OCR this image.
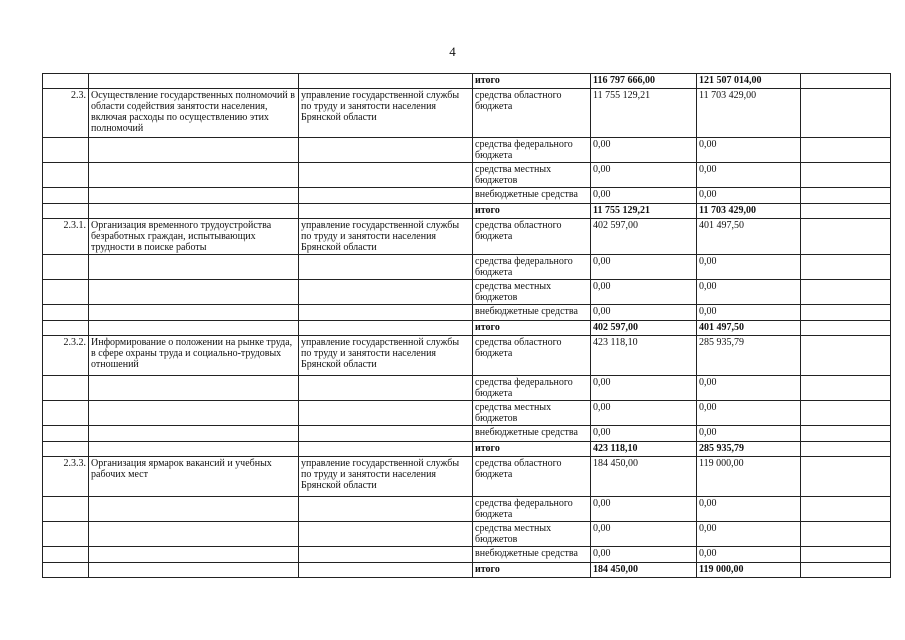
4
			итого	116 797 666,00	121 507 014,00	
2.3.	Осуществление государственных полномочий в области содействия занятости населения, включая расходы по осуществлению этих полномочий	управление государственной службы по труду и занятости населения Брянской области	средства областного бюджета	11 755 129,21	11 703 429,00	
			средства федерального бюджета	0,00	0,00	
			средства местных бюджетов	0,00	0,00	
			внебюджетные средства	0,00	0,00	
			итого	11 755 129,21	11 703 429,00	
2.3.1.	Организация временного трудоустройства безработных граждан, испытывающих трудности в поиске работы	управление государственной службы по труду и занятости населения Брянской области	средства областного бюджета	402 597,00	401 497,50	
			средства федерального бюджета	0,00	0,00	
			средства местных бюджетов	0,00	0,00	
			внебюджетные средства	0,00	0,00	
			итого	402 597,00	401 497,50	
2.3.2.	Информирование о положении на рынке труда, в сфере охраны труда и социально-трудовых отношений	управление государственной службы по труду и занятости населения Брянской области	средства областного бюджета	423 118,10	285 935,79	
			средства федерального бюджета	0,00	0,00	
			средства местных бюджетов	0,00	0,00	
			внебюджетные средства	0,00	0,00	
			итого	423 118,10	285 935,79	
2.3.3.	Организация ярмарок вакансий и учебных рабочих мест	управление государственной службы по труду и занятости населения Брянской области	средства областного бюджета	184 450,00	119 000,00	
			средства федерального бюджета	0,00	0,00	
			средства местных бюджетов	0,00	0,00	
			внебюджетные средства	0,00	0,00	
			итого	184 450,00	119 000,00	
